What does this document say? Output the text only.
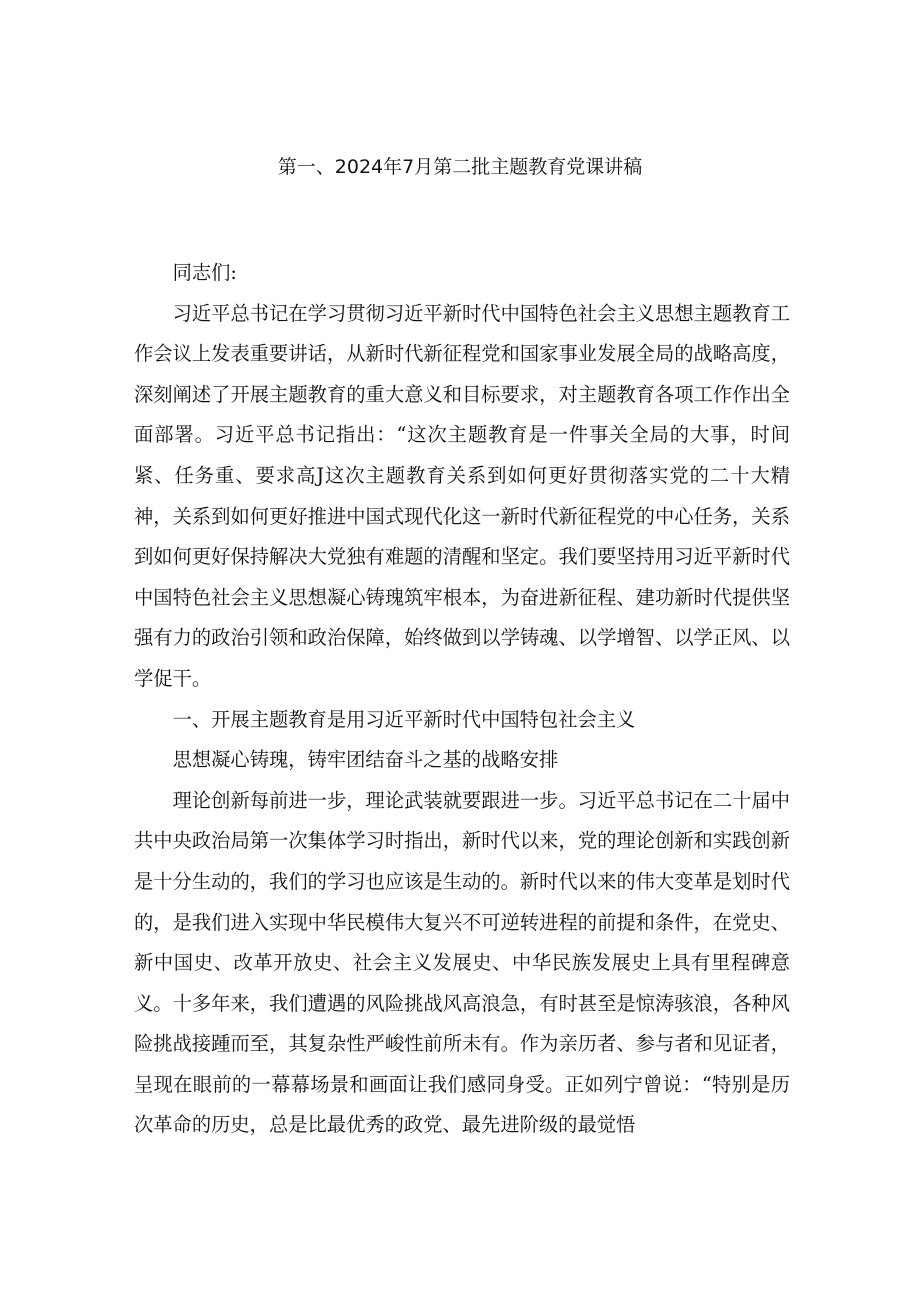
第一、2024年7月第二批主题教育党课讲稿

同志们:

习近平总书记在学习贯彻习近平新时代中国特色社会主义思想主题教育工作会议上发表重要讲话，从新时代新征程党和国家事业发展全局的战略高度，深刻阐述了开展主题教育的重大意义和目标要求，对主题教育各项工作作出全面部署。习近平总书记指出：“这次主题教育是一件事关全局的大事，时间紧、任务重、要求高J这次主题教育关系到如何更好贯彻落实党的二十大精神，关系到如何更好推进中国式现代化这一新时代新征程党的中心任务，关系到如何更好保持解决大党独有难题的清醒和坚定。我们要坚持用习近平新时代中国特色社会主义思想凝心铸瑰筑牢根本，为奋进新征程、建功新时代提供坚强有力的政治引领和政治保障，始终做到以学铸魂、以学增智、以学正风、以学促干。

一、开展主题教育是用习近平新时代中国特包社会主义

思想凝心铸瑰，铸牢团结奋斗之基的战略安排

理论创新每前进一步，理论武装就要跟进一步。习近平总书记在二十届中共中央政治局第一次集体学习时指出，新时代以来，党的理论创新和实践创新是十分生动的，我们的学习也应该是生动的。新时代以来的伟大变革是划时代的，是我们进入实现中华民模伟大复兴不可逆转进程的前提和条件，在党史、新中国史、改革开放史、社会主义发展史、中华民族发展史上具有里程碑意义。十多年来，我们遭遇的风险挑战风高浪急，有时甚至是惊涛骇浪，各种风险挑战接踵而至，其复杂性严峻性前所未有。作为亲历者、参与者和见证者，呈现在眼前的一幕幕场景和画面让我们感同身受。正如列宁曾说：“特别是历次革命的历史，总是比最优秀的政党、最先进阶级的最觉悟
